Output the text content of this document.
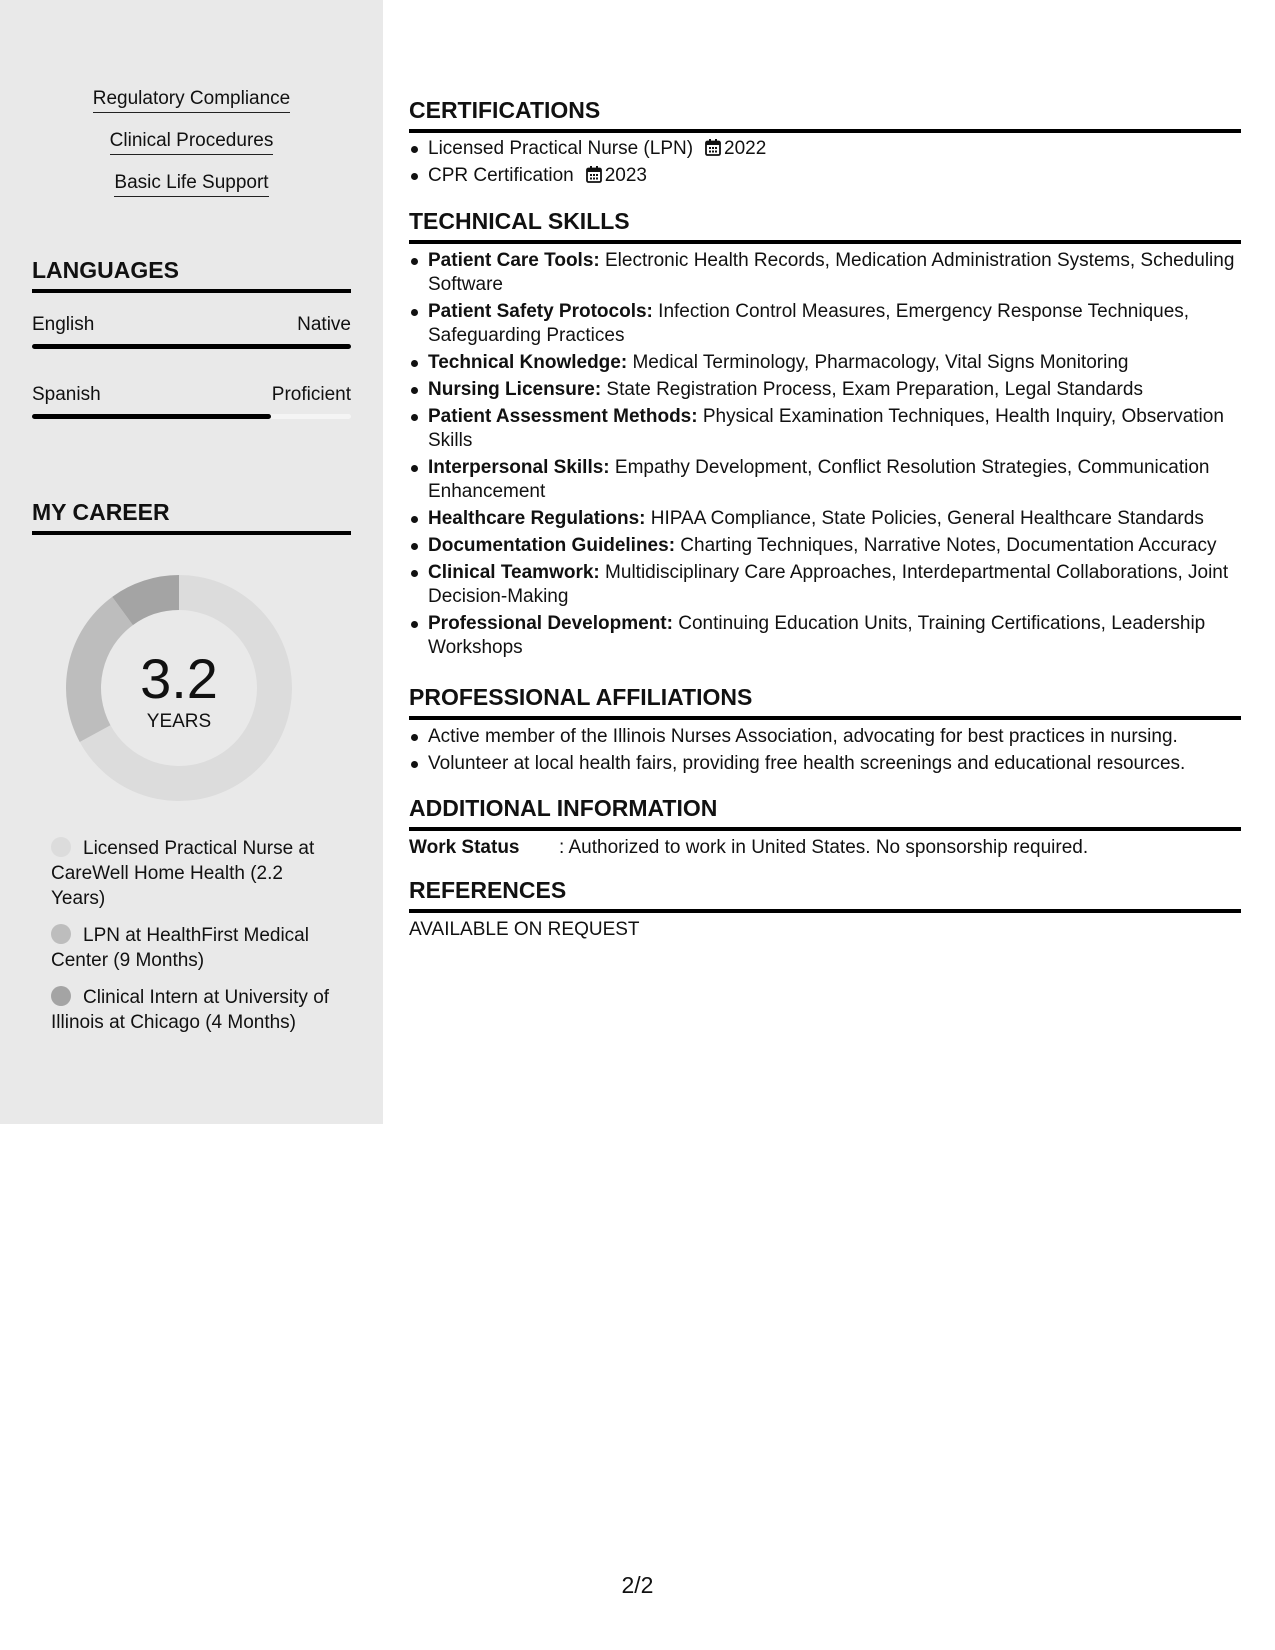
Regulatory Compliance
Clinical Procedures
Basic Life Support
LANGUAGES
English	Native
Spanish	Proficient
MY CAREER
3.2
YEARS
Licensed Practical Nurse at CareWell Home Health (2.2 Years)
LPN at HealthFirst Medical Center (9 Months)
Clinical Intern at University of Illinois at Chicago (4 Months)
CERTIFICATIONS
Licensed Practical Nurse (LPN) 2022
CPR Certification 2023
TECHNICAL SKILLS
Patient Care Tools: Electronic Health Records, Medication Administration Systems, Scheduling Software
Patient Safety Protocols: Infection Control Measures, Emergency Response Techniques, Safeguarding Practices
Technical Knowledge: Medical Terminology, Pharmacology, Vital Signs Monitoring
Nursing Licensure: State Registration Process, Exam Preparation, Legal Standards
Patient Assessment Methods: Physical Examination Techniques, Health Inquiry, Observation Skills
Interpersonal Skills: Empathy Development, Conflict Resolution Strategies, Communication Enhancement
Healthcare Regulations: HIPAA Compliance, State Policies, General Healthcare Standards
Documentation Guidelines: Charting Techniques, Narrative Notes, Documentation Accuracy
Clinical Teamwork: Multidisciplinary Care Approaches, Interdepartmental Collaborations, Joint Decision-Making
Professional Development: Continuing Education Units, Training Certifications, Leadership Workshops
PROFESSIONAL AFFILIATIONS
Active member of the Illinois Nurses Association, advocating for best practices in nursing.
Volunteer at local health fairs, providing free health screenings and educational resources.
ADDITIONAL INFORMATION
Work Status : Authorized to work in United States. No sponsorship required.
REFERENCES
AVAILABLE ON REQUEST
2/2
